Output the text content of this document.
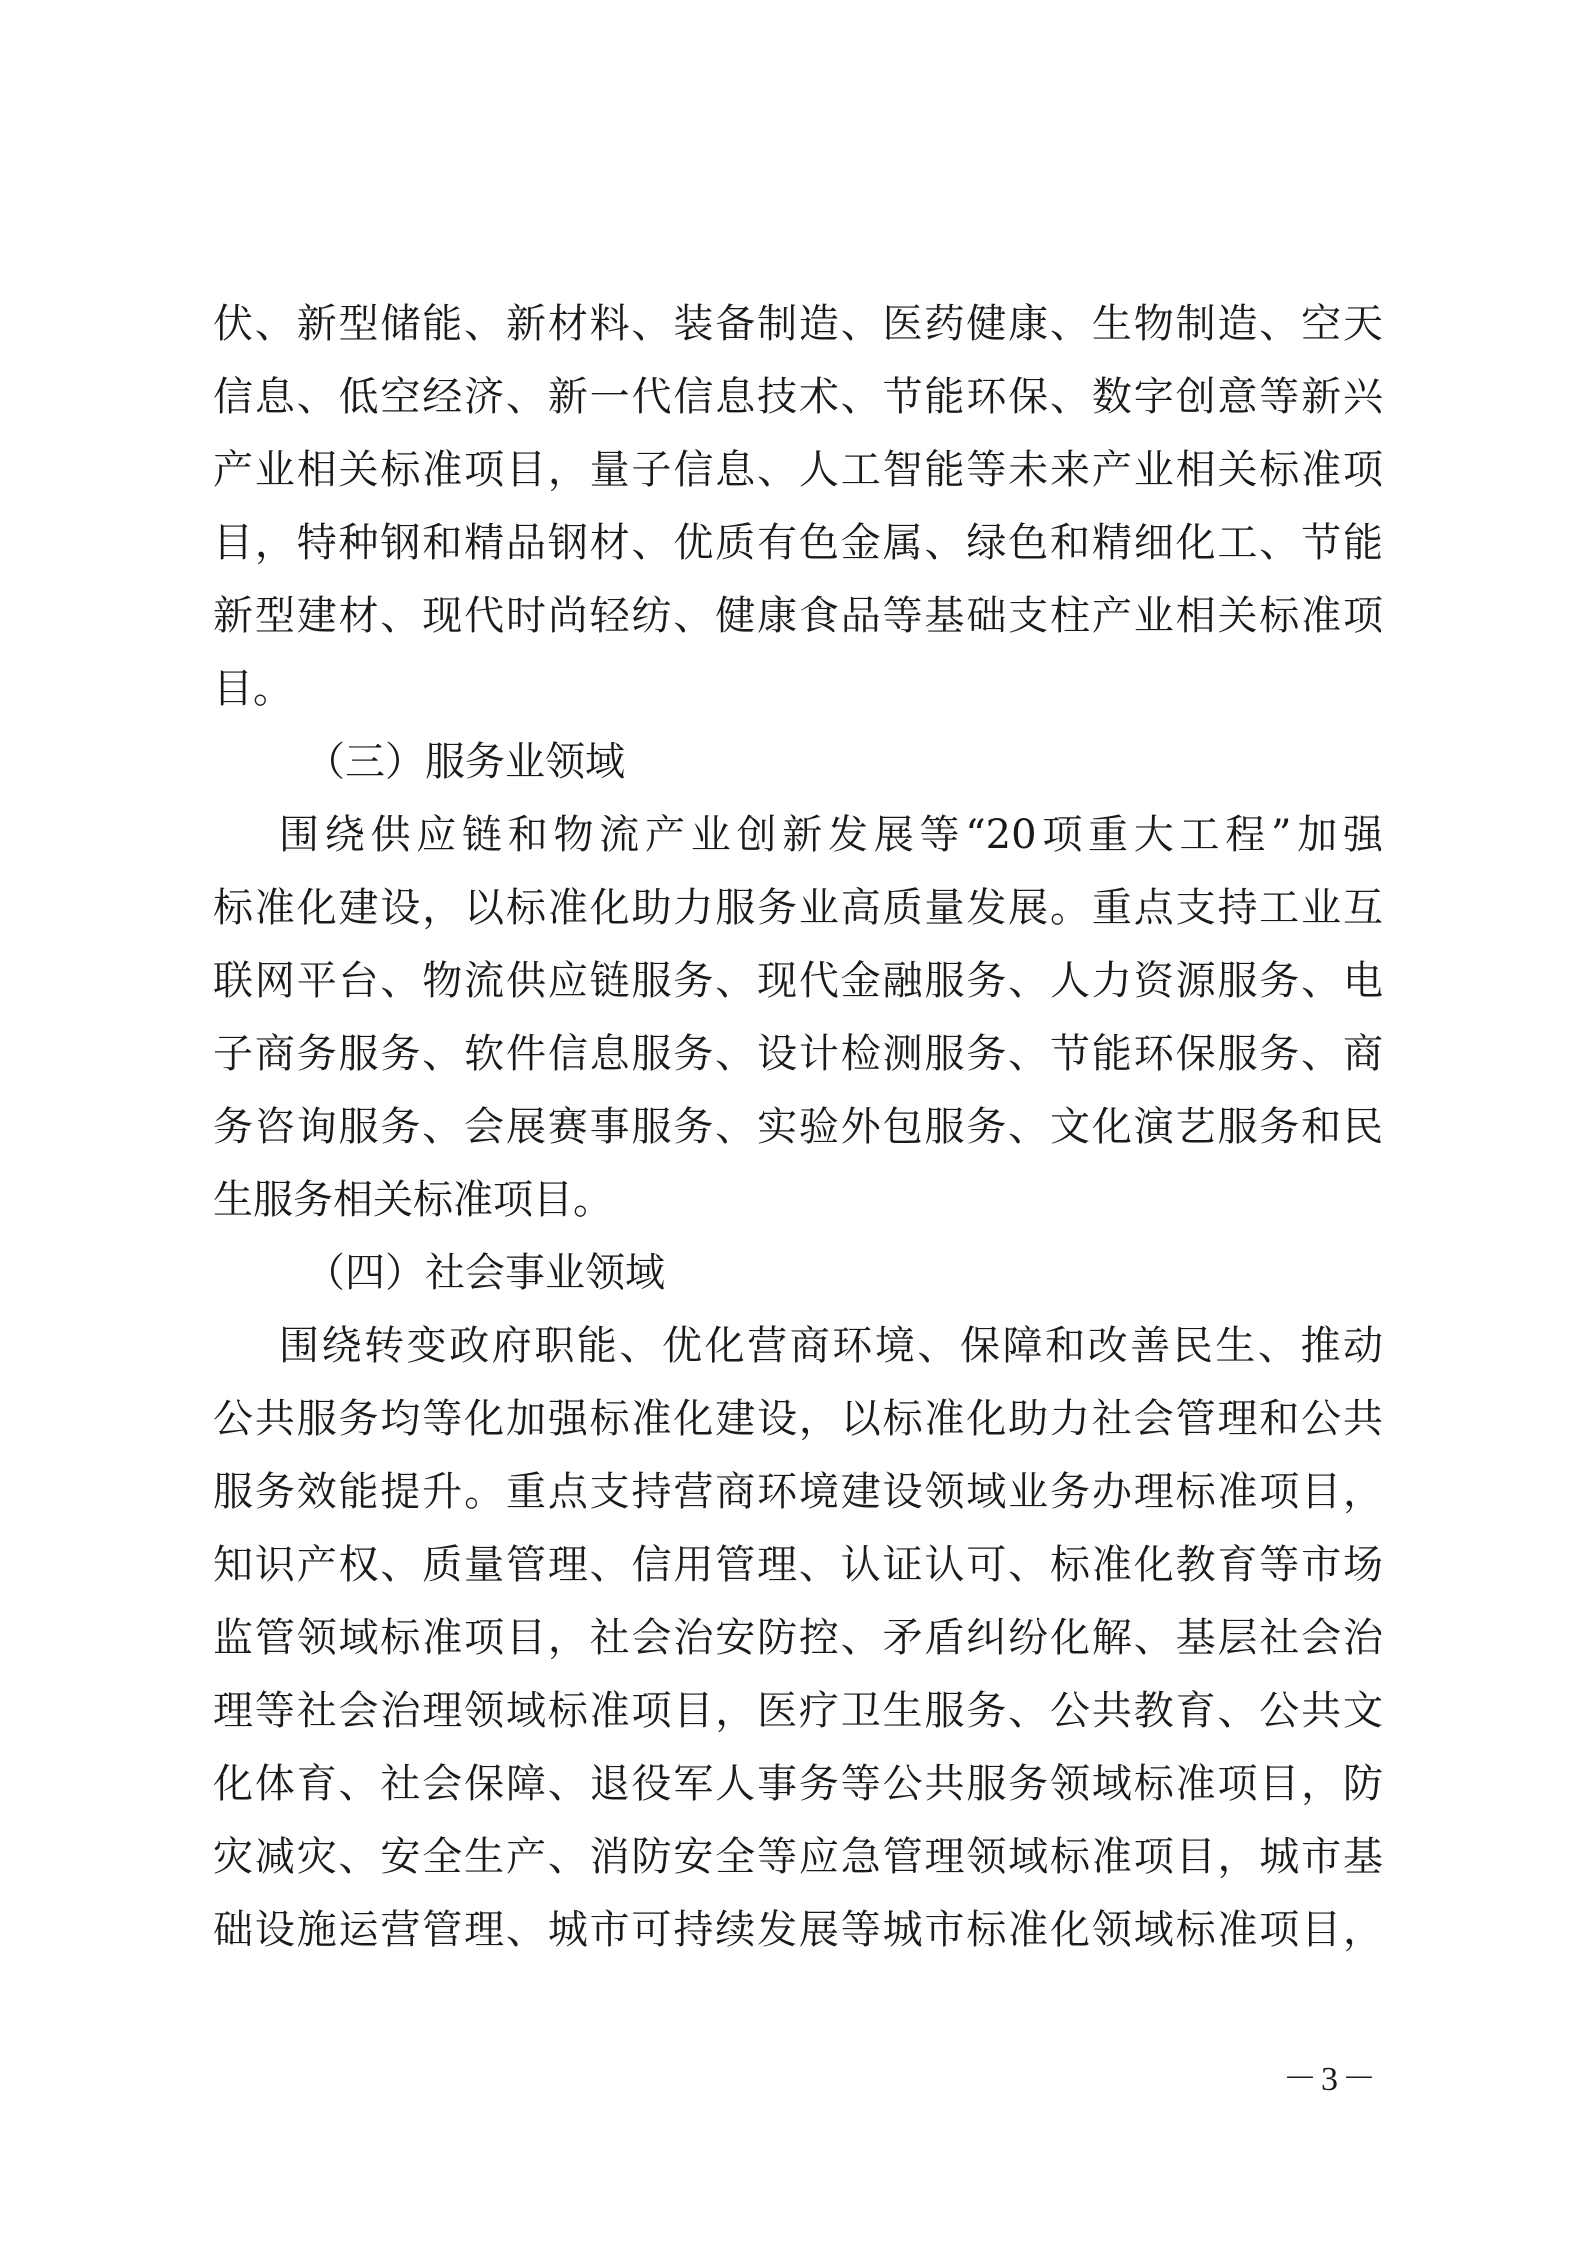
伏、新型储能、新材料、装备制造、医药健康、生物制造、空天
信息、低空经济、新一代信息技术、节能环保、数字创意等新兴
产业相关标准项目，量子信息、人工智能等未来产业相关标准项
目，特种钢和精品钢材、优质有色金属、绿色和精细化工、节能
新型建材、现代时尚轻纺、健康食品等基础支柱产业相关标准项
目。
（三）服务业领域
围绕供应链和物流产业创新发展等“20项重大工程”加强
标准化建设，以标准化助力服务业高质量发展。重点支持工业互
联网平台、物流供应链服务、现代金融服务、人力资源服务、电
子商务服务、软件信息服务、设计检测服务、节能环保服务、商
务咨询服务、会展赛事服务、实验外包服务、文化演艺服务和民
生服务相关标准项目。
（四）社会事业领域
围绕转变政府职能、优化营商环境、保障和改善民生、推动
公共服务均等化加强标准化建设，以标准化助力社会管理和公共
服务效能提升。重点支持营商环境建设领域业务办理标准项目，
知识产权、质量管理、信用管理、认证认可、标准化教育等市场
监管领域标准项目，社会治安防控、矛盾纠纷化解、基层社会治
理等社会治理领域标准项目，医疗卫生服务、公共教育、公共文
化体育、社会保障、退役军人事务等公共服务领域标准项目，防
灾减灾、安全生产、消防安全等应急管理领域标准项目，城市基
础设施运营管理、城市可持续发展等城市标准化领域标准项目，
－3－
